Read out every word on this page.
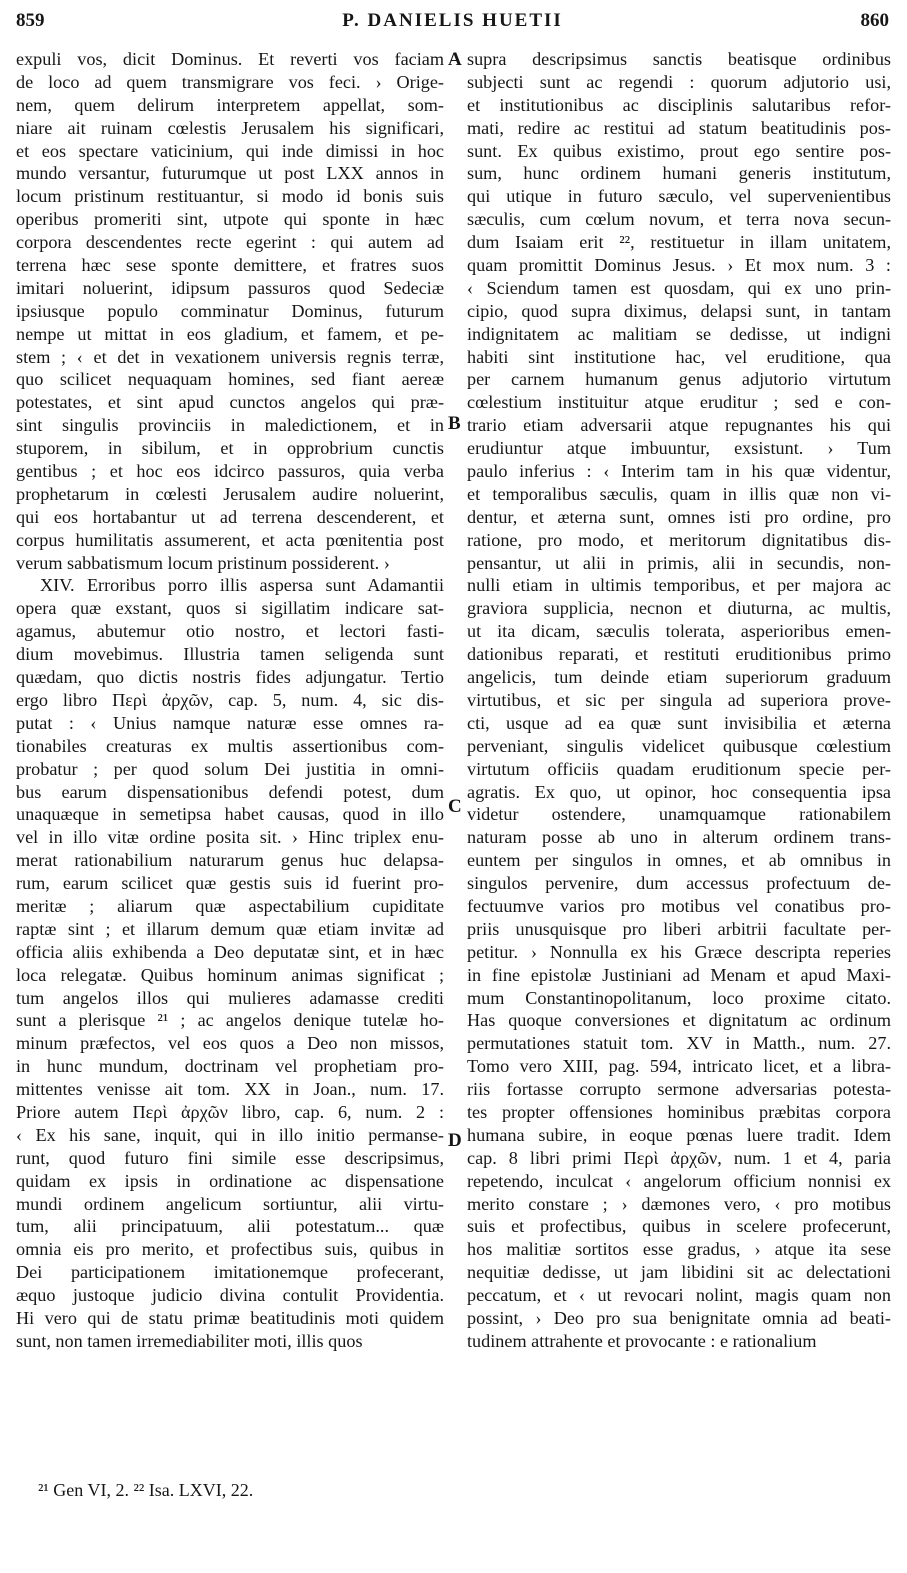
859	P. DANIELIS HUETII	860
expuli vos, dicit Dominus. Et reverti vos faciam
de loco ad quem transmigrare vos feci. › Orige-
nem, quem delirum interpretem appellat, som-
niare ait ruinam cœlestis Jerusalem his significari,
et eos spectare vaticinium, qui inde dimissi in hoc
mundo versantur, futurumque ut post LXX annos in
locum pristinum restituantur, si modo id bonis suis
operibus promeriti sint, utpote qui sponte in hæc
corpora descendentes recte egerint : qui autem ad
terrena hæc sese sponte demittere, et fratres suos
imitari noluerint, idipsum passuros quod Sedeciæ
ipsiusque populo comminatur Dominus, futurum
nempe ut mittat in eos gladium, et famem, et pe-
stem ; ‹ et det in vexationem universis regnis terræ,
quo scilicet nequaquam homines, sed fiant aereæ
potestates, et sint apud cunctos angelos qui præ-
sint singulis provinciis in maledictionem, et in
stuporem, in sibilum, et in opprobrium cunctis
gentibus ; et hoc eos idcirco passuros, quia verba
prophetarum in cœlesti Jerusalem audire noluerint,
qui eos hortabantur ut ad terrena descenderent, et
corpus humilitatis assumerent, et acta pœnitentia post
verum sabbatismum locum pristinum possiderent. ›
XIV. Erroribus porro illis aspersa sunt Adamantii
opera quæ exstant, quos si sigillatim indicare sat-
agamus, abutemur otio nostro, et lectori fasti-
dium movebimus. Illustria tamen seligenda sunt
quædam, quo dictis nostris fides adjungatur. Tertio
ergo libro Περὶ ἀρχῶν, cap. 5, num. 4, sic dis-
putat : ‹ Unius namque naturæ esse omnes ra-
tionabiles creaturas ex multis assertionibus com-
probatur ; per quod solum Dei justitia in omni-
bus earum dispensationibus defendi potest, dum
unaquæque in semetipsa habet causas, quod in illo
vel in illo vitæ ordine posita sit. › Hinc triplex enu-
merat rationabilium naturarum genus huc delapsa-
rum, earum scilicet quæ gestis suis id fuerint pro-
meritæ ; aliarum quæ aspectabilium cupiditate
raptæ sint ; et illarum demum quæ etiam invitæ ad
officia aliis exhibenda a Deo deputatæ sint, et in hæc
loca relegatæ. Quibus hominum animas significat ;
tum angelos illos qui mulieres adamasse crediti
sunt a plerisque ²¹ ; ac angelos denique tutelæ ho-
minum præfectos, vel eos quos a Deo non missos,
in hunc mundum, doctrinam vel prophetiam pro-
mittentes venisse ait tom. XX in Joan., num. 17.
Priore autem Περὶ ἀρχῶν libro, cap. 6, num. 2 :
‹ Ex his sane, inquit, qui in illo initio permanse-
runt, quod futuro fini simile esse descripsimus,
quidam ex ipsis in ordinatione ac dispensatione
mundi ordinem angelicum sortiuntur, alii virtu-
tum, alii principatuum, alii potestatum... quæ
omnia eis pro merito, et profectibus suis, quibus in
Dei participationem imitationemque profecerant,
æquo justoque judicio divina contulit Providentia.
Hi vero qui de statu primæ beatitudinis moti quidem
sunt, non tamen irremediabiliter moti, illis quos
supra descripsimus sanctis beatisque ordinibus
subjecti sunt ac regendi : quorum adjutorio usi,
et institutionibus ac disciplinis salutaribus refor-
mati, redire ac restitui ad statum beatitudinis pos-
sunt. Ex quibus existimo, prout ego sentire pos-
sum, hunc ordinem humani generis institutum,
qui utique in futuro sæculo, vel supervenientibus
sæculis, cum cœlum novum, et terra nova secun-
dum Isaiam erit ²², restituetur in illam unitatem,
quam promittit Dominus Jesus. › Et mox num. 3 :
‹ Sciendum tamen est quosdam, qui ex uno prin-
cipio, quod supra diximus, delapsi sunt, in tantam
indignitatem ac malitiam se dedisse, ut indigni
habiti sint institutione hac, vel eruditione, qua
per carnem humanum genus adjutorio virtutum
cœlestium instituitur atque eruditur ; sed e con-
trario etiam adversarii atque repugnantes his qui
erudiuntur atque imbuuntur, exsistunt. › Tum
paulo inferius : ‹ Interim tam in his quæ videntur,
et temporalibus sæculis, quam in illis quæ non vi-
dentur, et æterna sunt, omnes isti pro ordine, pro
ratione, pro modo, et meritorum dignitatibus dis-
pensantur, ut alii in primis, alii in secundis, non-
nulli etiam in ultimis temporibus, et per majora ac
graviora supplicia, necnon et diuturna, ac multis,
ut ita dicam, sæculis tolerata, asperioribus emen-
dationibus reparati, et restituti eruditionibus primo
angelicis, tum deinde etiam superiorum graduum
virtutibus, et sic per singula ad superiora prove-
cti, usque ad ea quæ sunt invisibilia et æterna
perveniant, singulis videlicet quibusque cœlestium
virtutum officiis quadam eruditionum specie per-
agratis. Ex quo, ut opinor, hoc consequentia ipsa
videtur ostendere, unamquamque rationabilem
naturam posse ab uno in alterum ordinem trans-
euntem per singulos in omnes, et ab omnibus in
singulos pervenire, dum accessus profectuum de-
fectuumve varios pro motibus vel conatibus pro-
priis unusquisque pro liberi arbitrii facultate per-
petitur. › Nonnulla ex his Græce descripta reperies
in fine epistolæ Justiniani ad Menam et apud Maxi-
mum Constantinopolitanum, loco proxime citato.
Has quoque conversiones et dignitatum ac ordinum
permutationes statuit tom. XV in Matth., num. 27.
Tomo vero XIII, pag. 594, intricato licet, et a libra-
riis fortasse corrupto sermone adversarias potesta-
tes propter offensiones hominibus præbitas corpora
humana subire, in eoque pœnas luere tradit. Idem
cap. 8 libri primi Περὶ ἀρχῶν, num. 1 et 4, paria
repetendo, inculcat ‹ angelorum officium nonnisi ex
merito constare ; › dæmones vero, ‹ pro motibus
suis et profectibus, quibus in scelere profecerunt,
hos malitiæ sortitos esse gradus, › atque ita sese
nequitiæ dedisse, ut jam libidini sit ac delectationi
peccatum, et ‹ ut revocari nolint, magis quam non
possint, › Deo pro sua benignitate omnia ad beati-
tudinem attrahente et provocante : e rationalium
A
B
C
D
²¹ Gen VI, 2. ²² Isa. LXVI, 22.
